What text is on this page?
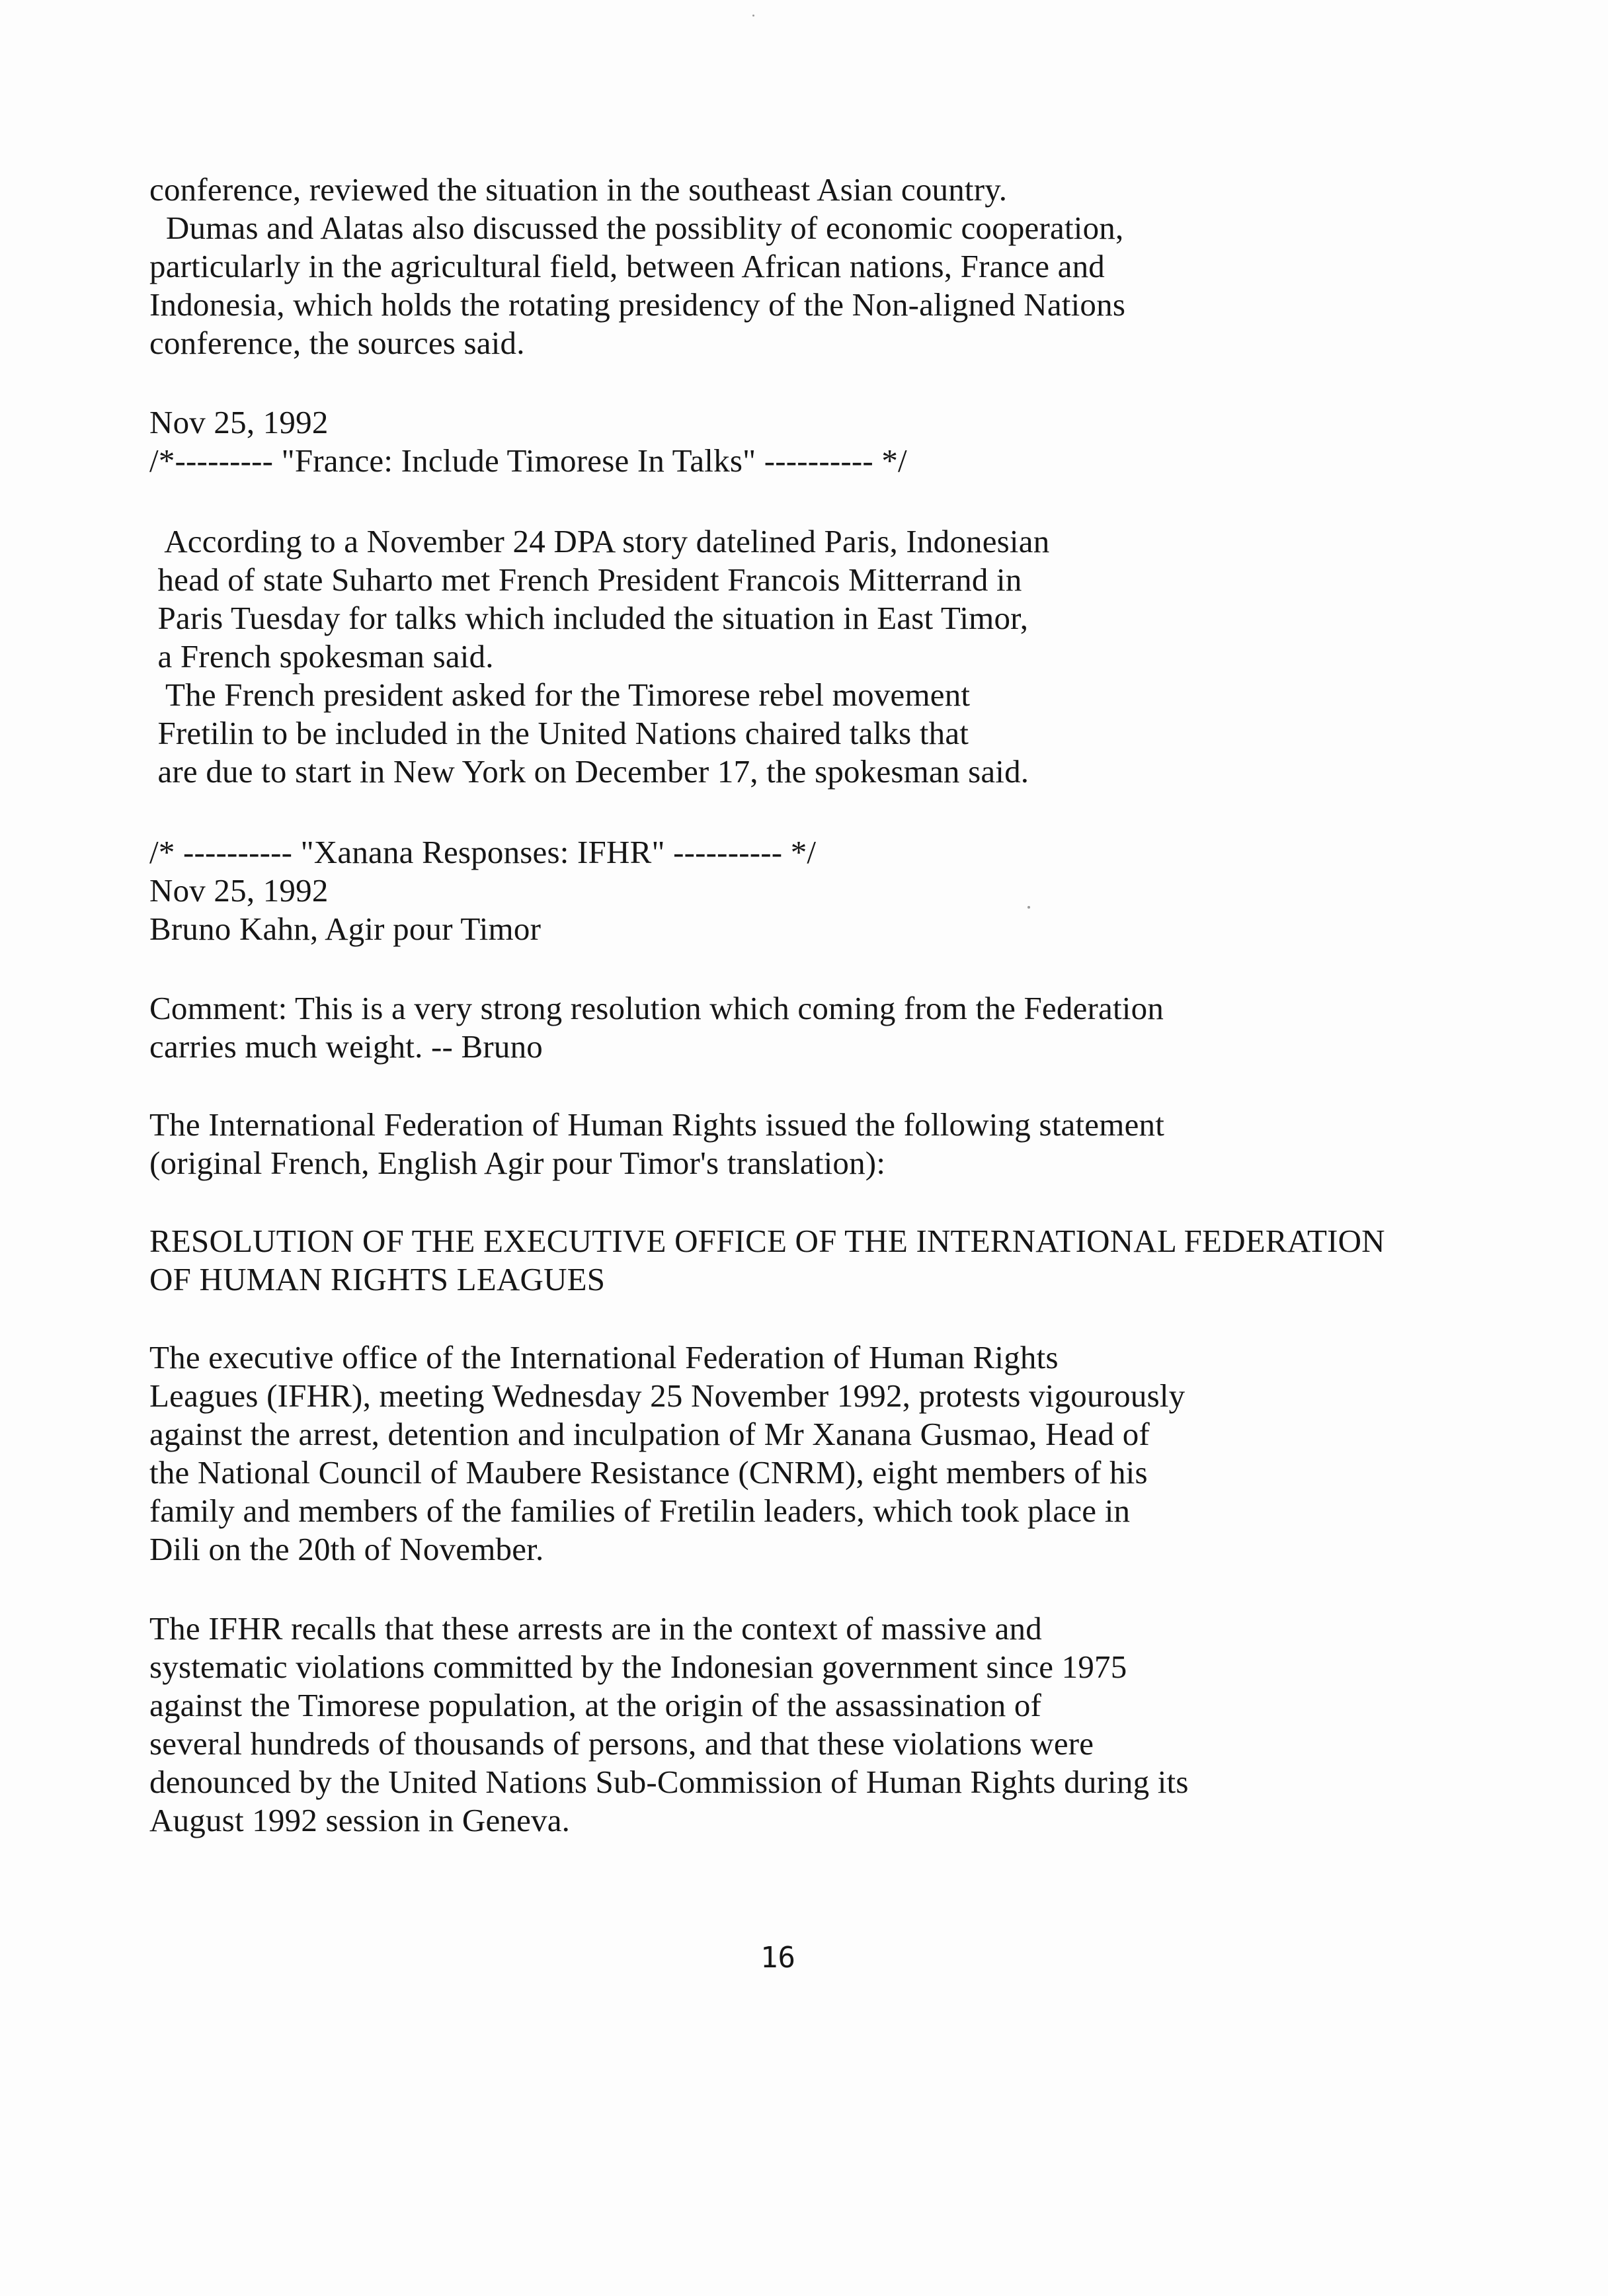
conference, reviewed the situation in the southeast Asian country.
Dumas and Alatas also discussed the possiblity of economic cooperation,
particularly in the agricultural field, between African nations, France and
Indonesia, which holds the rotating presidency of the Non-aligned Nations
conference, the sources said.
Nov 25, 1992
/*--------- "France: Include Timorese In Talks" ---------- */
According to a November 24 DPA story datelined Paris, Indonesian
head of state Suharto met French President Francois Mitterrand in
Paris Tuesday for talks which included the situation in East Timor,
a French spokesman said.
The French president asked for the Timorese rebel movement
Fretilin to be included in the United Nations chaired talks that
are due to start in New York on December 17, the spokesman said.
/* ---------- "Xanana Responses: IFHR" ---------- */
Nov 25, 1992
Bruno Kahn, Agir pour Timor
Comment: This is a very strong resolution which coming from the Federation
carries much weight. -- Bruno
The International Federation of Human Rights issued the following statement
(original French, English Agir pour Timor's translation):
RESOLUTION OF THE EXECUTIVE OFFICE OF THE INTERNATIONAL FEDERATION
OF HUMAN RIGHTS LEAGUES
The executive office of the International Federation of Human Rights
Leagues (IFHR), meeting Wednesday 25 November 1992, protests vigourously
against the arrest, detention and inculpation of Mr Xanana Gusmao, Head of
the National Council of Maubere Resistance (CNRM), eight members of his
family and members of the families of Fretilin leaders, which took place in
Dili on the 20th of November.
The IFHR recalls that these arrests are in the context of massive and
systematic violations committed by the Indonesian government since 1975
against the Timorese population, at the origin of the assassination of
several hundreds of thousands of persons, and that these violations were
denounced by the United Nations Sub-Commission of Human Rights during its
August 1992 session in Geneva.
16
